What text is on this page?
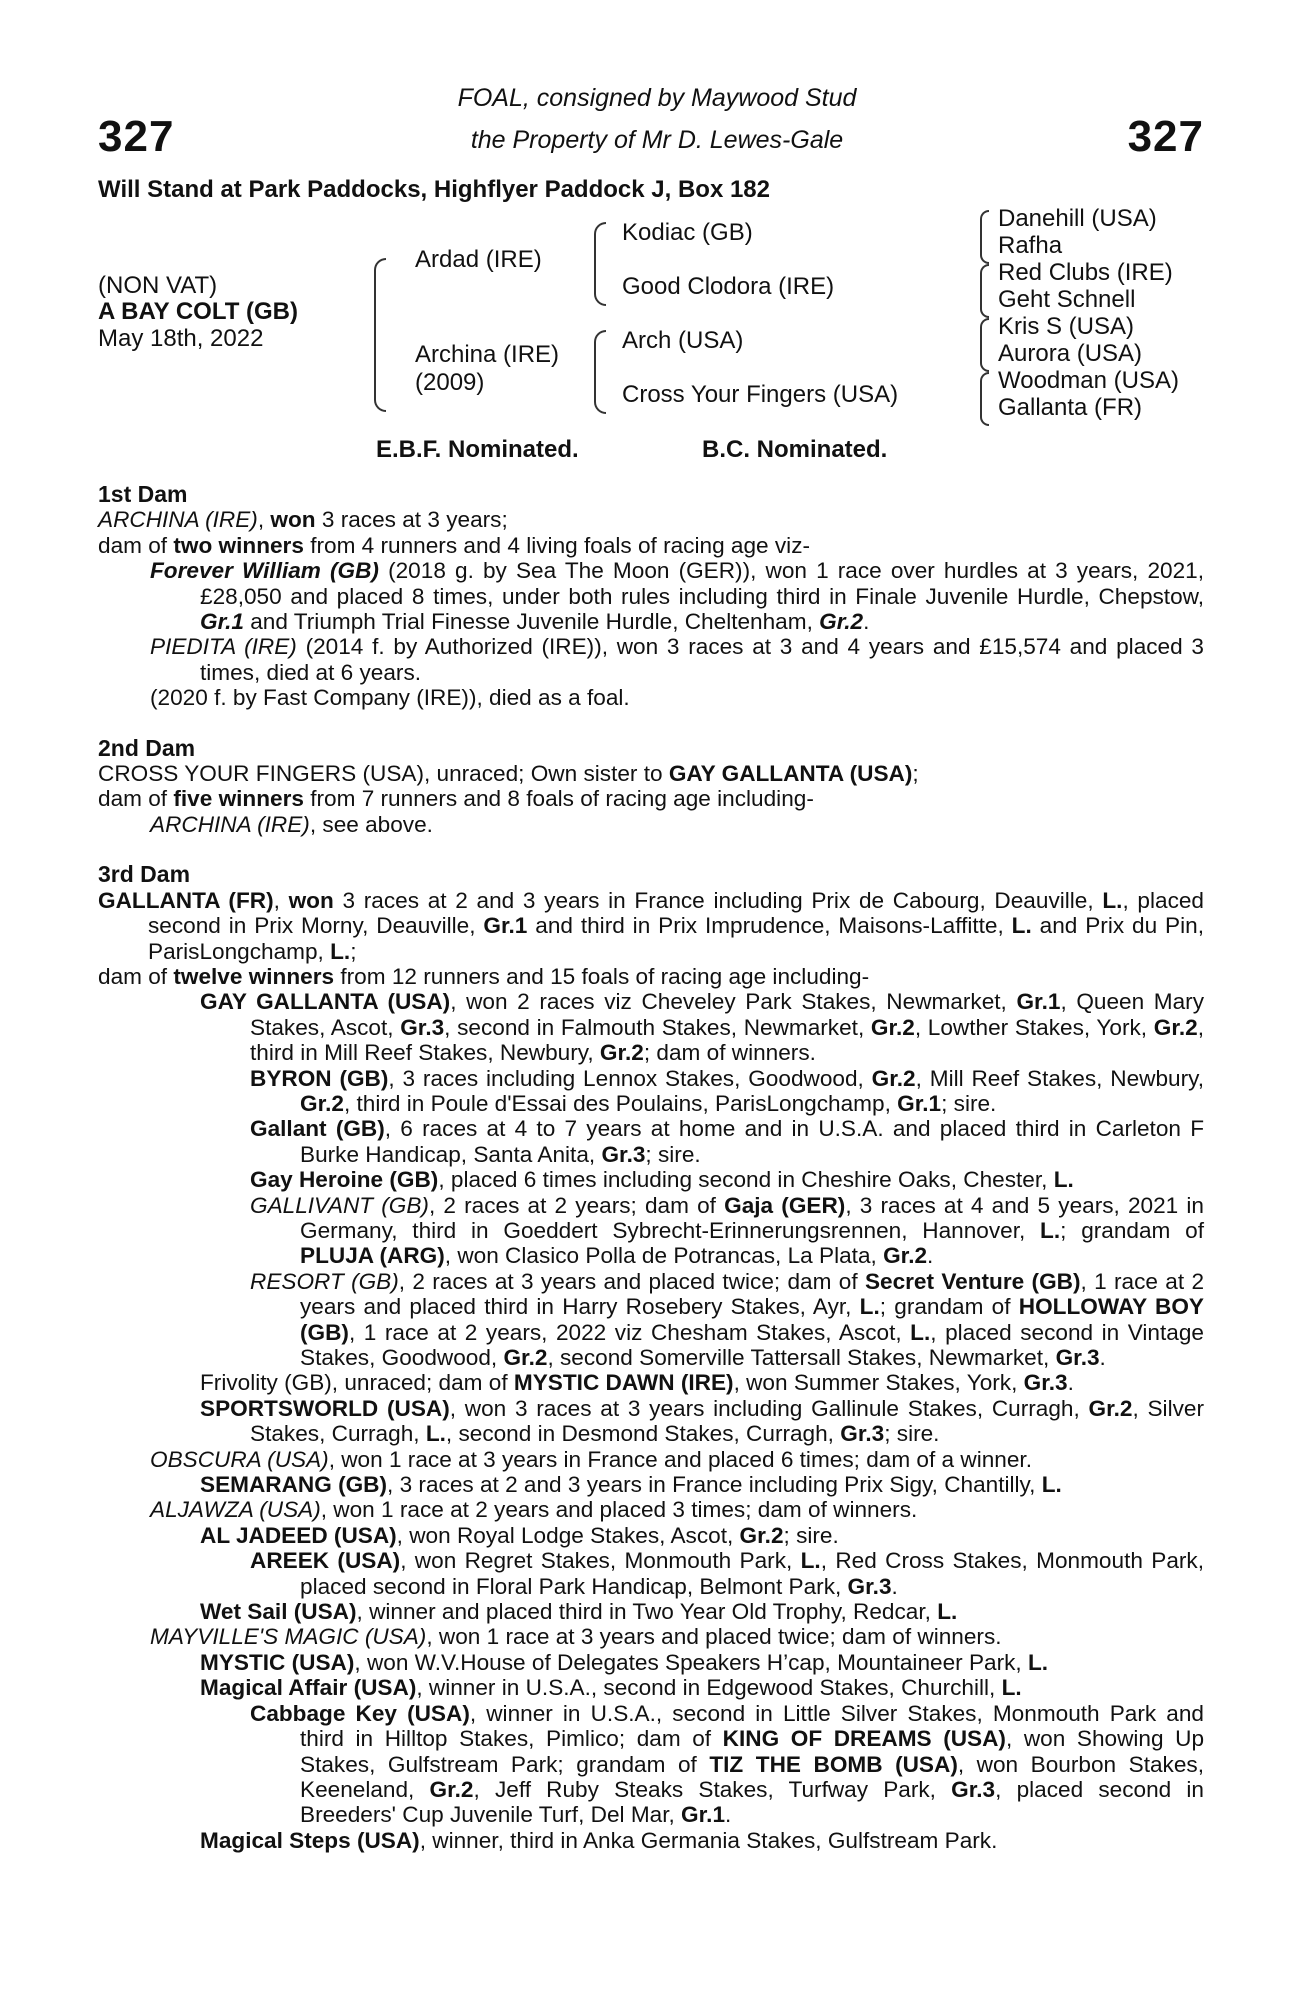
327	327
FOAL, consigned by Maywood Stud
the Property of Mr D. Lewes-Gale
Will Stand at Park Paddocks, Highflyer Paddock J, Box 182
(NON VAT)
A BAY COLT (GB)
May 18th, 2022
Ardad (IRE)
Archina (IRE)
(2009)
Kodiac (GB)
Good Clodora (IRE)
Arch (USA)
Cross Your Fingers (USA)
Danehill (USA)
Rafha
Red Clubs (IRE)
Geht Schnell
Kris S (USA)
Aurora (USA)
Woodman (USA)
Gallanta (FR)
E.B.F. Nominated.	B.C. Nominated.

1st Dam

ARCHINA (IRE), won 3 races at 3 years;

dam of two winners from 4 runners and 4 living foals of racing age viz-

Forever William (GB) (2018 g. by Sea The Moon (GER)), won 1 race over hurdles at 3 years, 2021, £28,050 and placed 8 times, under both rules including third in Finale Juvenile Hurdle, Chepstow, Gr.1 and Triumph Trial Finesse Juvenile Hurdle, Cheltenham, Gr.2.

PIEDITA (IRE) (2014 f. by Authorized (IRE)), won 3 races at 3 and 4 years and £15,574 and placed 3 times, died at 6 years.

(2020 f. by Fast Company (IRE)), died as a foal.

2nd Dam

CROSS YOUR FINGERS (USA), unraced; Own sister to GAY GALLANTA (USA);

dam of five winners from 7 runners and 8 foals of racing age including-

ARCHINA (IRE), see above.

3rd Dam

GALLANTA (FR), won 3 races at 2 and 3 years in France including Prix de Cabourg, Deauville, L., placed second in Prix Morny, Deauville, Gr.1 and third in Prix Imprudence, Maisons-Laffitte, L. and Prix du Pin, ParisLongchamp, L.;

dam of twelve winners from 12 runners and 15 foals of racing age including-

GAY GALLANTA (USA), won 2 races viz Cheveley Park Stakes, Newmarket, Gr.1, Queen Mary Stakes, Ascot, Gr.3, second in Falmouth Stakes, Newmarket, Gr.2, Lowther Stakes, York, Gr.2, third in Mill Reef Stakes, Newbury, Gr.2; dam of winners.

BYRON (GB), 3 races including Lennox Stakes, Goodwood, Gr.2, Mill Reef Stakes, Newbury, Gr.2, third in Poule d'Essai des Poulains, ParisLongchamp, Gr.1; sire.

Gallant (GB), 6 races at 4 to 7 years at home and in U.S.A. and placed third in Carleton F Burke Handicap, Santa Anita, Gr.3; sire.

Gay Heroine (GB), placed 6 times including second in Cheshire Oaks, Chester, L.

GALLIVANT (GB), 2 races at 2 years; dam of Gaja (GER), 3 races at 4 and 5 years, 2021 in Germany, third in Goeddert Sybrecht-Erinnerungsrennen, Hannover, L.; grandam of PLUJA (ARG), won Clasico Polla de Potrancas, La Plata, Gr.2.

RESORT (GB), 2 races at 3 years and placed twice; dam of Secret Venture (GB), 1 race at 2 years and placed third in Harry Rosebery Stakes, Ayr, L.; grandam of HOLLOWAY BOY (GB), 1 race at 2 years, 2022 viz Chesham Stakes, Ascot, L., placed second in Vintage Stakes, Goodwood, Gr.2, second Somerville Tattersall Stakes, Newmarket, Gr.3.

Frivolity (GB), unraced; dam of MYSTIC DAWN (IRE), won Summer Stakes, York, Gr.3.

SPORTSWORLD (USA), won 3 races at 3 years including Gallinule Stakes, Curragh, Gr.2, Silver Stakes, Curragh, L., second in Desmond Stakes, Curragh, Gr.3; sire.

OBSCURA (USA), won 1 race at 3 years in France and placed 6 times; dam of a winner.

SEMARANG (GB), 3 races at 2 and 3 years in France including Prix Sigy, Chantilly, L.

ALJAWZA (USA), won 1 race at 2 years and placed 3 times; dam of winners.

AL JADEED (USA), won Royal Lodge Stakes, Ascot, Gr.2; sire.

AREEK (USA), won Regret Stakes, Monmouth Park, L., Red Cross Stakes, Monmouth Park, placed second in Floral Park Handicap, Belmont Park, Gr.3.

Wet Sail (USA), winner and placed third in Two Year Old Trophy, Redcar, L.

MAYVILLE'S MAGIC (USA), won 1 race at 3 years and placed twice; dam of winners.

MYSTIC (USA), won W.V.House of Delegates Speakers H’cap, Mountaineer Park, L.

Magical Affair (USA), winner in U.S.A., second in Edgewood Stakes, Churchill, L.

Cabbage Key (USA), winner in U.S.A., second in Little Silver Stakes, Monmouth Park and third in Hilltop Stakes, Pimlico; dam of KING OF DREAMS (USA), won Showing Up Stakes, Gulfstream Park; grandam of TIZ THE BOMB (USA), won Bourbon Stakes, Keeneland, Gr.2, Jeff Ruby Steaks Stakes, Turfway Park, Gr.3, placed second in Breeders' Cup Juvenile Turf, Del Mar, Gr.1.

Magical Steps (USA), winner, third in Anka Germania Stakes, Gulfstream Park.
